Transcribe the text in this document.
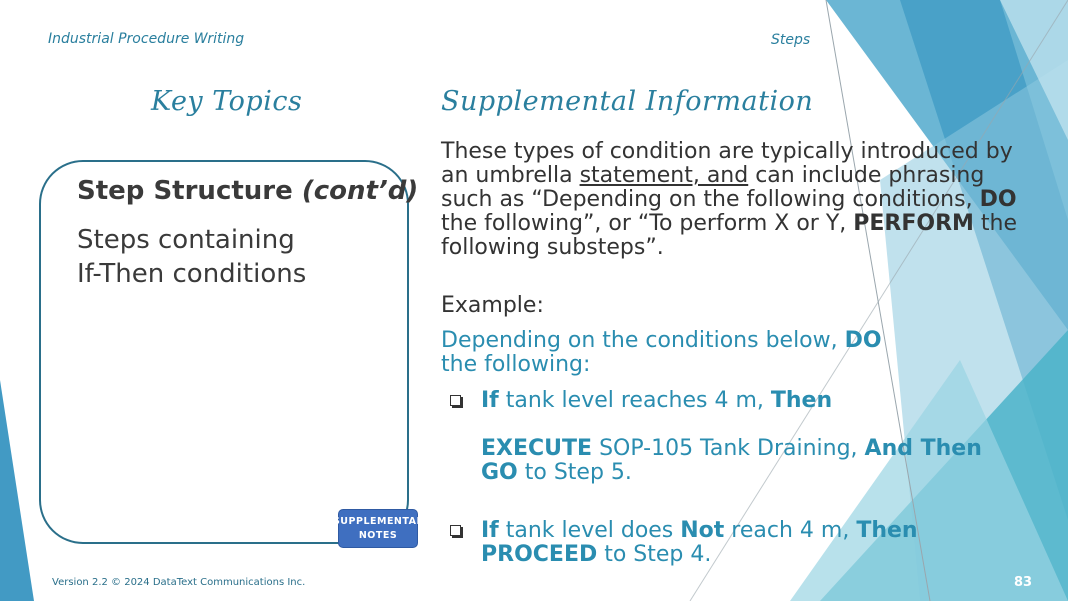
Industrial Procedure Writing	Steps
Key Topics	Supplemental Information
Step Structure (cont’d)
Steps containing
If-Then conditions
SUPPLEMENTAL
NOTES
These types of condition are typically introduced by an umbrella statement, and can include phrasing such as “Depending on the following conditions, DO the following”, or “To perform X or Y, PERFORM the following substeps”.
Example:
Depending on the conditions below, DO the following:
If tank level reaches 4 m, Then
EXECUTE SOP-105 Tank Draining, And Then
GO to Step 5.
If tank level does Not reach 4 m, Then
PROCEED to Step 4.
Version 2.2 © 2024 DataText Communications Inc.	83
